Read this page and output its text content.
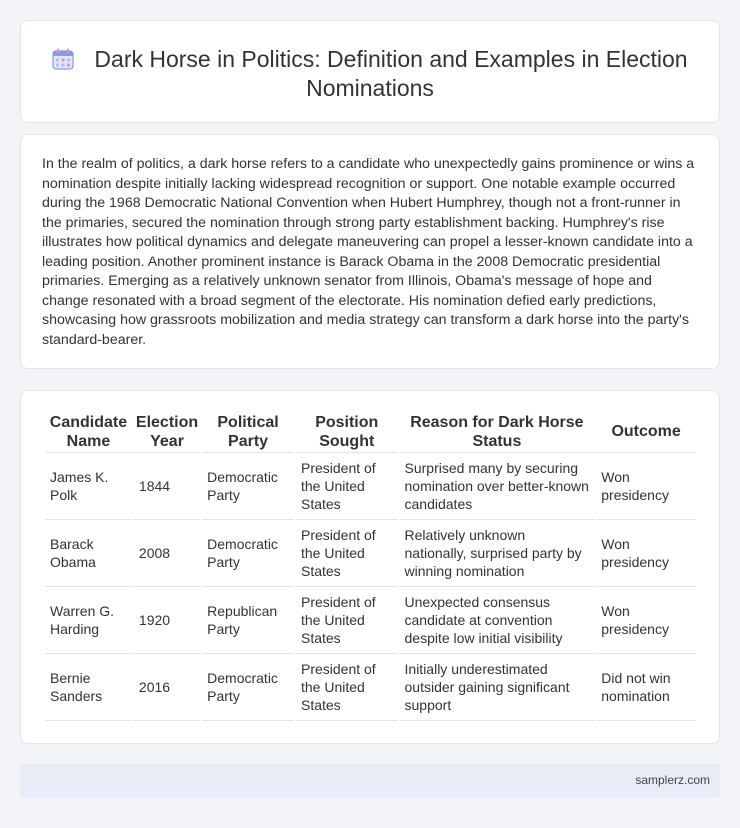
Dark Horse in Politics: Definition and Examples in Election Nominations

In the realm of politics, a dark horse refers to a candidate who unexpectedly gains prominence or wins a nomination despite initially lacking widespread recognition or support. One notable example occurred during the 1968 Democratic National Convention when Hubert Humphrey, though not a front-runner in the primaries, secured the nomination through strong party establishment backing. Humphrey's rise illustrates how political dynamics and delegate maneuvering can propel a lesser-known candidate into a leading position. Another prominent instance is Barack Obama in the 2008 Democratic presidential primaries. Emerging as a relatively unknown senator from Illinois, Obama's message of hope and change resonated with a broad segment of the electorate. His nomination defied early predictions, showcasing how grassroots mobilization and media strategy can transform a dark horse into the party's standard-bearer.

Candidate Name	Election Year	Political Party	Position Sought	Reason for Dark Horse Status	Outcome
James K. Polk	1844	Democratic Party	President of the United States	Surprised many by securing nomination over better-known candidates	Won presidency
Barack Obama	2008	Democratic Party	President of the United States	Relatively unknown nationally, surprised party by winning nomination	Won presidency
Warren G. Harding	1920	Republican Party	President of the United States	Unexpected consensus candidate at convention despite low initial visibility	Won presidency
Bernie Sanders	2016	Democratic Party	President of the United States	Initially underestimated outsider gaining significant support	Did not win nomination
samplerz.com
